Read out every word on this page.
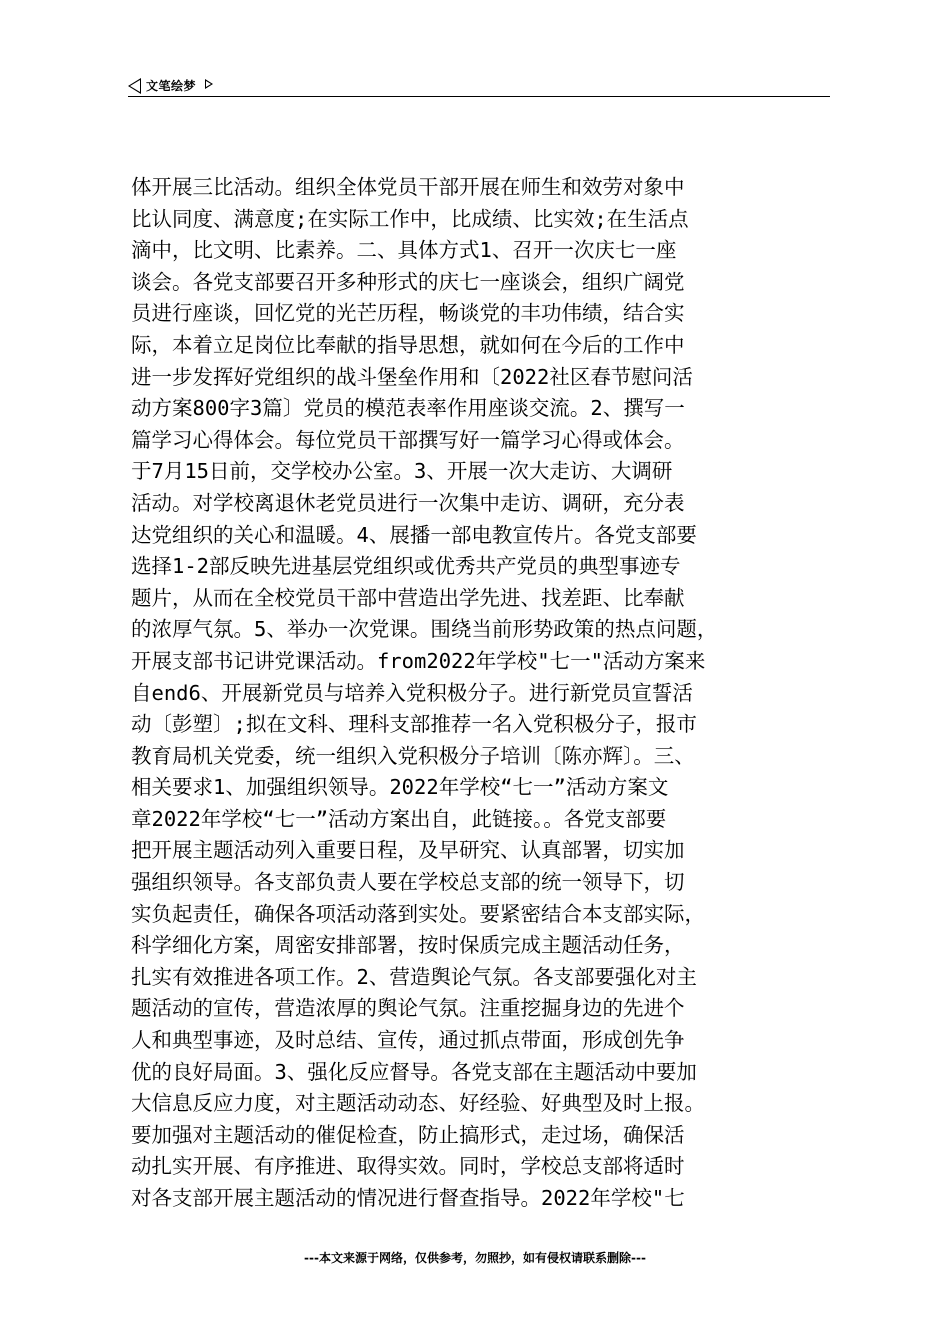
文笔绘梦
体开展三比活动。组织全体党员干部开展在师生和效劳对象中
比认同度、满意度;在实际工作中，比成绩、比实效;在生活点
滴中，比文明、比素养。二、具体方式1、召开一次庆七一座
谈会。各党支部要召开多种形式的庆七一座谈会，组织广阔党
员进行座谈，回忆党的光芒历程，畅谈党的丰功伟绩，结合实
际，本着立足岗位比奉献的指导思想，就如何在今后的工作中
进一步发挥好党组织的战斗堡垒作用和〔2022社区春节慰问活
动方案800字3篇〕党员的模范表率作用座谈交流。2、撰写一
篇学习心得体会。每位党员干部撰写好一篇学习心得或体会。
于7月15日前，交学校办公室。3、开展一次大走访、大调研
活动。对学校离退休老党员进行一次集中走访、调研，充分表
达党组织的关心和温暖。4、展播一部电教宣传片。各党支部要
选择1-2部反映先进基层党组织或优秀共产党员的典型事迹专
题片，从而在全校党员干部中营造出学先进、找差距、比奉献
的浓厚气氛。5、举办一次党课。围绕当前形势政策的热点问题，
开展支部书记讲党课活动。from2022年学校"七一"活动方案来
自end6、开展新党员与培养入党积极分子。进行新党员宣誓活
动〔彭塑〕;拟在文科、理科支部推荐一名入党积极分子，报市
教育局机关党委，统一组织入党积极分子培训〔陈亦辉〕。三、
相关要求1、加强组织领导。2022年学校“七一”活动方案文
章2022年学校“七一”活动方案出自，此链接。。各党支部要
把开展主题活动列入重要日程，及早研究、认真部署，切实加
强组织领导。各支部负责人要在学校总支部的统一领导下，切
实负起责任，确保各项活动落到实处。要紧密结合本支部实际，
科学细化方案，周密安排部署，按时保质完成主题活动任务，
扎实有效推进各项工作。2、营造舆论气氛。各支部要强化对主
题活动的宣传，营造浓厚的舆论气氛。注重挖掘身边的先进个
人和典型事迹，及时总结、宣传，通过抓点带面，形成创先争
优的良好局面。3、强化反应督导。各党支部在主题活动中要加
大信息反应力度，对主题活动动态、好经验、好典型及时上报。
要加强对主题活动的催促检查，防止搞形式，走过场，确保活
动扎实开展、有序推进、取得实效。同时，学校总支部将适时
对各支部开展主题活动的情况进行督查指导。2022年学校"七
---本文来源于网络，仅供参考，勿照抄，如有侵权请联系删除---
